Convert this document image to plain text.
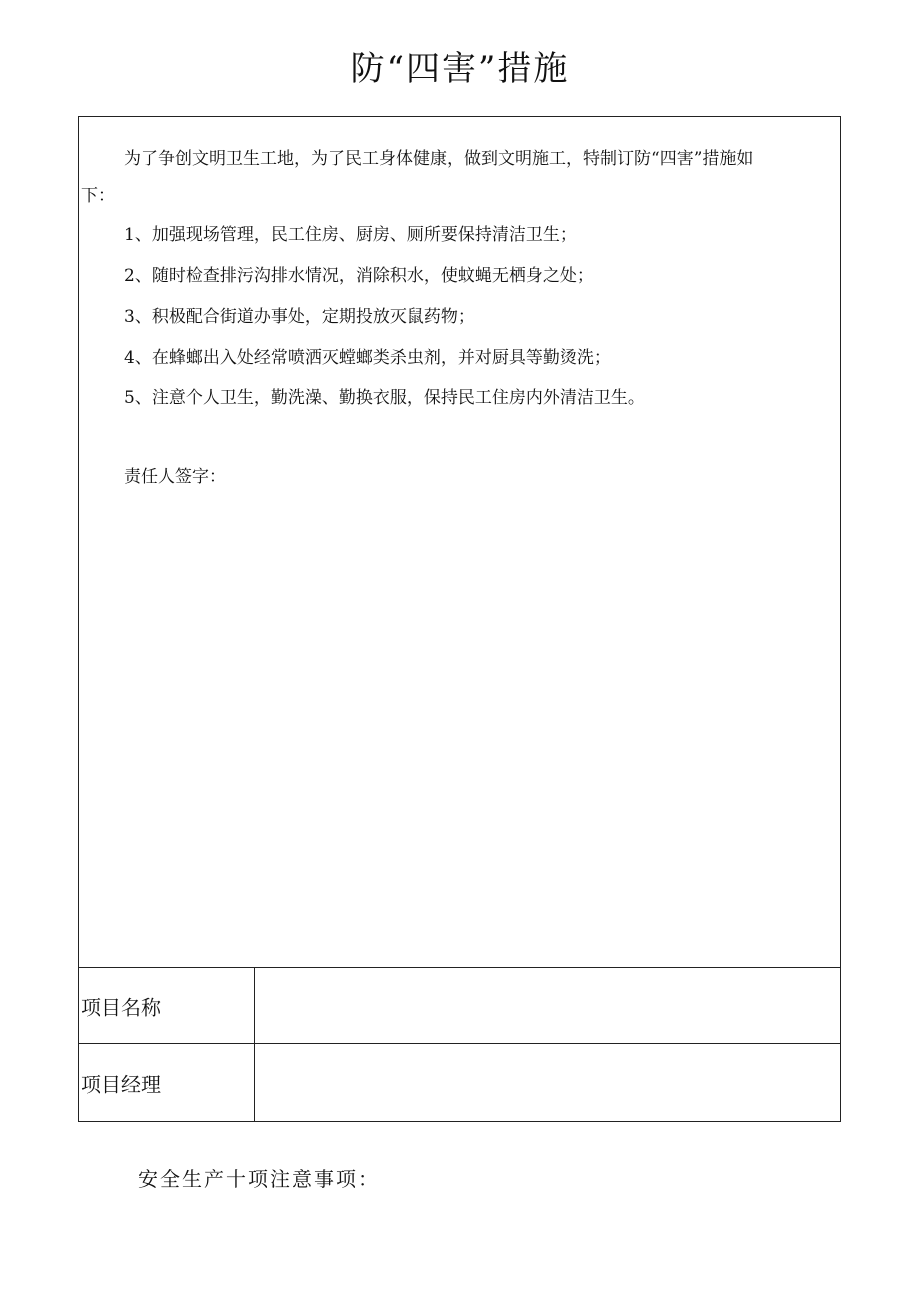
防“四害”措施
为了争创文明卫生工地，为了民工身体健康，做到文明施工，特制订防“四害”措施如
下：
1、加强现场管理，民工住房、厨房、厕所要保持清洁卫生；
2、随时检查排污沟排水情况，消除积水，使蚊蝇无栖身之处；
3、积极配合街道办事处，定期投放灭鼠药物；
4、在蜂螂出入处经常喷洒灭螳螂类杀虫剂，并对厨具等勤烫洗；
5、注意个人卫生，勤洗澡、勤换衣服，保持民工住房内外清洁卫生。
责任人签字：
项目名称
项目经理
安全生产十项注意事项：
